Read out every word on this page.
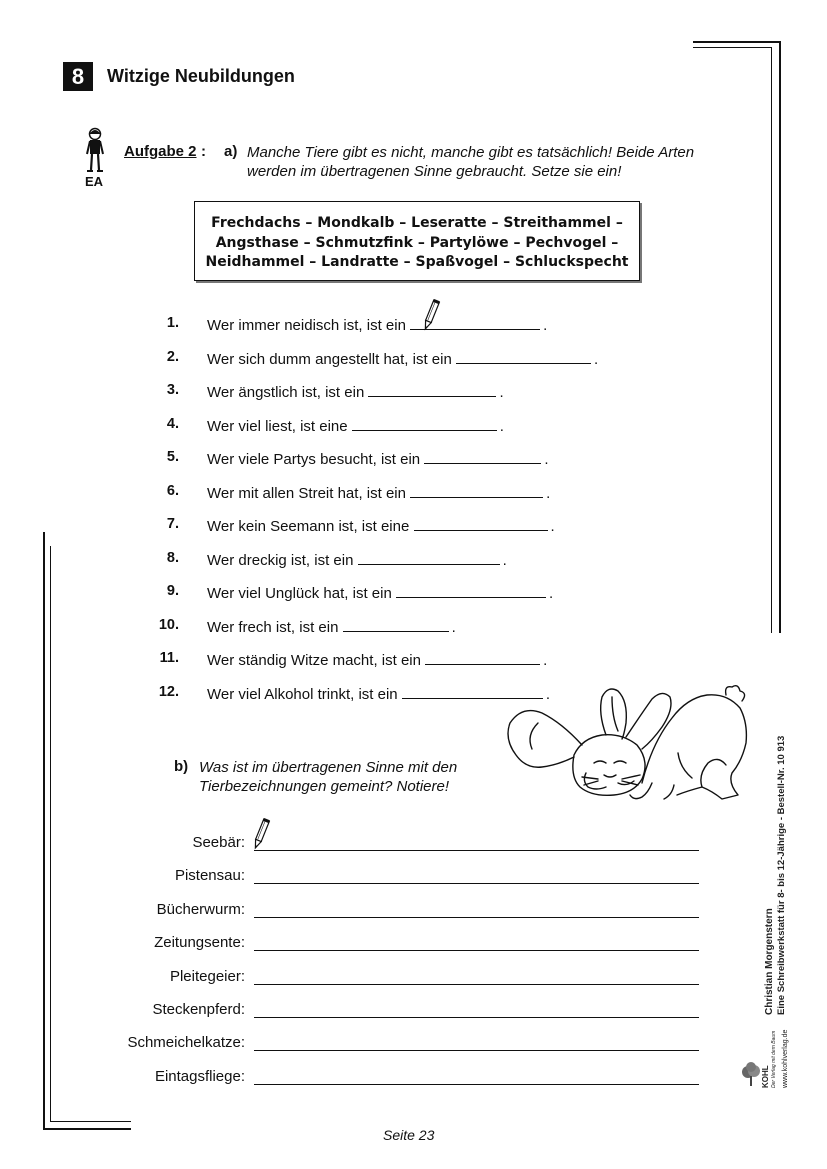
8	Witzige Neubildungen
EA
Aufgabe 2 : a) Manche Tiere gibt es nicht, manche gibt es tatsächlich! Beide Arten werden im übertragenen Sinne gebraucht. Setze sie ein!
Frechdachs – Mondkalb – Leseratte – Streithammel –
Angsthase – Schmutzfink – Partylöwe – Pechvogel –
Neidhammel – Landratte – Spaßvogel – Schluckspecht
1. Wer immer neidisch ist, ist ein	.
2. Wer sich dumm angestellt hat, ist ein	.
3. Wer ängstlich ist, ist ein	.
4. Wer viel liest, ist eine	.
5. Wer viele Partys besucht, ist ein	.
6. Wer mit allen Streit hat, ist ein	.
7. Wer kein Seemann ist, ist eine	.
8. Wer dreckig ist, ist ein	.
9. Wer viel Unglück hat, ist ein	.
10. Wer frech ist, ist ein	.
11. Wer ständig Witze macht, ist ein	.
12. Wer viel Alkohol trinkt, ist ein	.
b) Was ist im übertragenen Sinne mit den Tierbezeichnungen gemeint? Notiere!
Seebär:
Pistensau:
Bücherwurm:
Zeitungsente:
Pleitegeier:
Steckenpferd:
Schmeichelkatze:
Eintagsfliege:
Seite 23
Christian Morgenstern Eine Schreibwerkstatt für 8- bis 12-Jährige - Bestell-Nr. 10 913
www.kohlverlag.de
KOHL Der Verlag mit dem Baum
